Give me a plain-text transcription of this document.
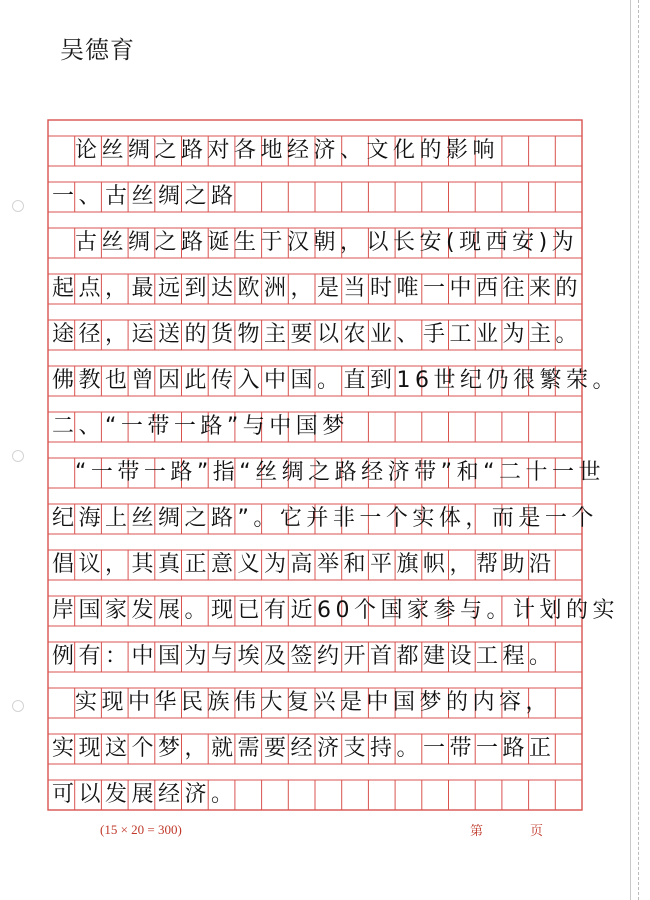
吴德育
论丝绸之路对各地经济、文化的影响
一、古丝绸之路
古丝绸之路诞生于汉朝，以长安(现西安)为
起点，最远到达欧洲，是当时唯一中西往来的
途径，运送的货物主要以农业、手工业为主。
佛教也曾因此传入中国。直到16世纪仍很繁荣。
二、“一带一路”与中国梦
“一带一路”指“丝绸之路经济带”和“二十一世
纪海上丝绸之路”。它并非一个实体，而是一个
倡议，其真正意义为高举和平旗帜，帮助沿
岸国家发展。现已有近60个国家参与。计划的实
例有：中国为与埃及签约开首都建设工程。
实现中华民族伟大复兴是中国梦的内容，
实现这个梦，就需要经济支持。一带一路正
可以发展经济。
(15 × 20 = 300)	第	页
